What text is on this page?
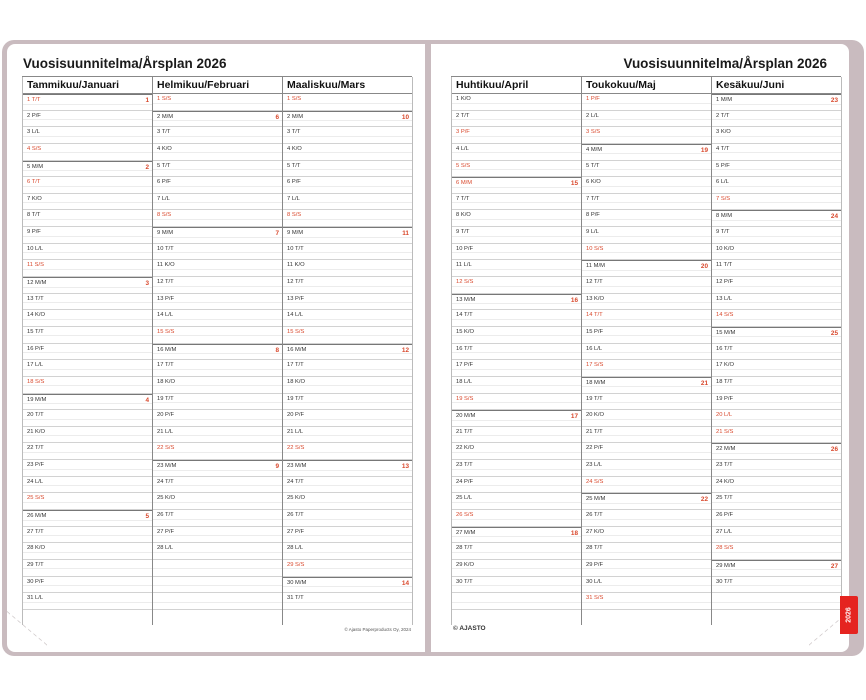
Vuosisuunnitelma/Årsplan 2026
Tammikuu/Januari
1 T/T	1
2 P/F
3 L/L
4 S/S
5 M/M	2
6 T/T
7 K/O
8 T/T
9 P/F
10 L/L
11 S/S
12 M/M	3
13 T/T
14 K/O
15 T/T
16 P/F
17 L/L
18 S/S
19 M/M	4
20 T/T
21 K/O
22 T/T
23 P/F
24 L/L
25 S/S
26 M/M	5
27 T/T
28 K/O
29 T/T
30 P/F
31 L/L
Helmikuu/Februari
1 S/S
2 M/M	6
3 T/T
4 K/O
5 T/T
6 P/F
7 L/L
8 S/S
9 M/M	7
10 T/T
11 K/O
12 T/T
13 P/F
14 L/L
15 S/S
16 M/M	8
17 T/T
18 K/O
19 T/T
20 P/F
21 L/L
22 S/S
23 M/M	9
24 T/T
25 K/O
26 T/T
27 P/F
28 L/L
Maaliskuu/Mars
1 S/S
2 M/M	10
3 T/T
4 K/O
5 T/T
6 P/F
7 L/L
8 S/S
9 M/M	11
10 T/T
11 K/O
12 T/T
13 P/F
14 L/L
15 S/S
16 M/M	12
17 T/T
18 K/O
19 T/T
20 P/F
21 L/L
22 S/S
23 M/M	13
24 T/T
25 K/O
26 T/T
27 P/F
28 L/L
29 S/S
30 M/M	14
31 T/T
© Ajasto Paperproducts Oy, 2024
Vuosisuunnitelma/Årsplan 2026
Huhtikuu/April
1 K/O
2 T/T
3 P/F
4 L/L
5 S/S
6 M/M	15
7 T/T
8 K/O
9 T/T
10 P/F
11 L/L
12 S/S
13 M/M	16
14 T/T
15 K/O
16 T/T
17 P/F
18 L/L
19 S/S
20 M/M	17
21 T/T
22 K/O
23 T/T
24 P/F
25 L/L
26 S/S
27 M/M	18
28 T/T
29 K/O
30 T/T
Toukokuu/Maj
1 P/F
2 L/L
3 S/S
4 M/M	19
5 T/T
6 K/O
7 T/T
8 P/F
9 L/L
10 S/S
11 M/M	20
12 T/T
13 K/O
14 T/T
15 P/F
16 L/L
17 S/S
18 M/M	21
19 T/T
20 K/O
21 T/T
22 P/F
23 L/L
24 S/S
25 M/M	22
26 T/T
27 K/O
28 T/T
29 P/F
30 L/L
31 S/S
Kesäkuu/Juni
1 M/M	23
2 T/T
3 K/O
4 T/T
5 P/F
6 L/L
7 S/S
8 M/M	24
9 T/T
10 K/O
11 T/T
12 P/F
13 L/L
14 S/S
15 M/M	25
16 T/T
17 K/O
18 T/T
19 P/F
20 L/L
21 S/S
22 M/M	26
23 T/T
24 K/O
25 T/T
26 P/F
27 L/L
28 S/S
29 M/M	27
30 T/T
© AJASTO
2026
